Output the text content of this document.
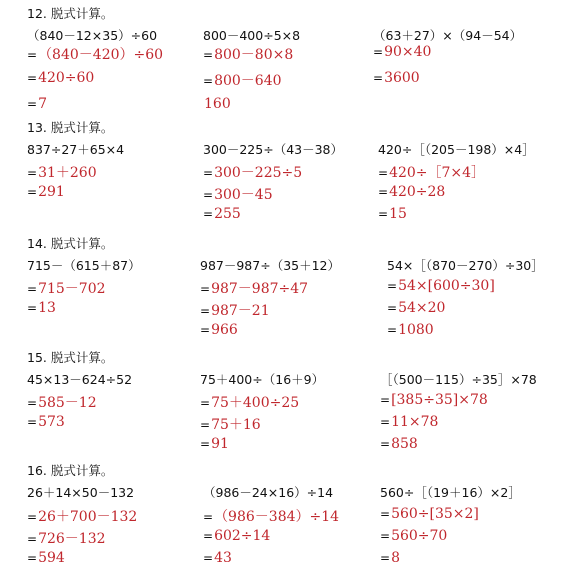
12. 脱式计算。
（840－12×35）÷60
=（840－420）÷60
=420÷60
=7
800－400÷5×8
=800－80×8
=800－640
160
（63＋27）×（94－54）
=90×40
=3600
13. 脱式计算。
837÷27＋65×4
=31＋260
=291
300－225÷（43－38）
=300－225÷5
=300－45
=255
420÷［（205－198）×4］
=420÷［7×4］
=420÷28
=15
14. 脱式计算。
715－（615＋87）
=715－702
=13
987－987÷（35＋12）
=987－987÷47
=987－21
=966
54×［（870－270）÷30］
=54×[600÷30]
=54×20
=1080
15. 脱式计算。
45×13－624÷52
=585－12
=573
75＋400÷（16＋9）
=75＋400÷25
=75＋16
=91
［（500－115）÷35］×78
=[385÷35]×78
=11×78
=858
16. 脱式计算。
26＋14×50－132
=26＋700－132
=726－132
=594
（986－24×16）÷14
=（986－384）÷14
=602÷14
=43
560÷［（19＋16）×2］
=560÷[35×2]
=560÷70
=8
